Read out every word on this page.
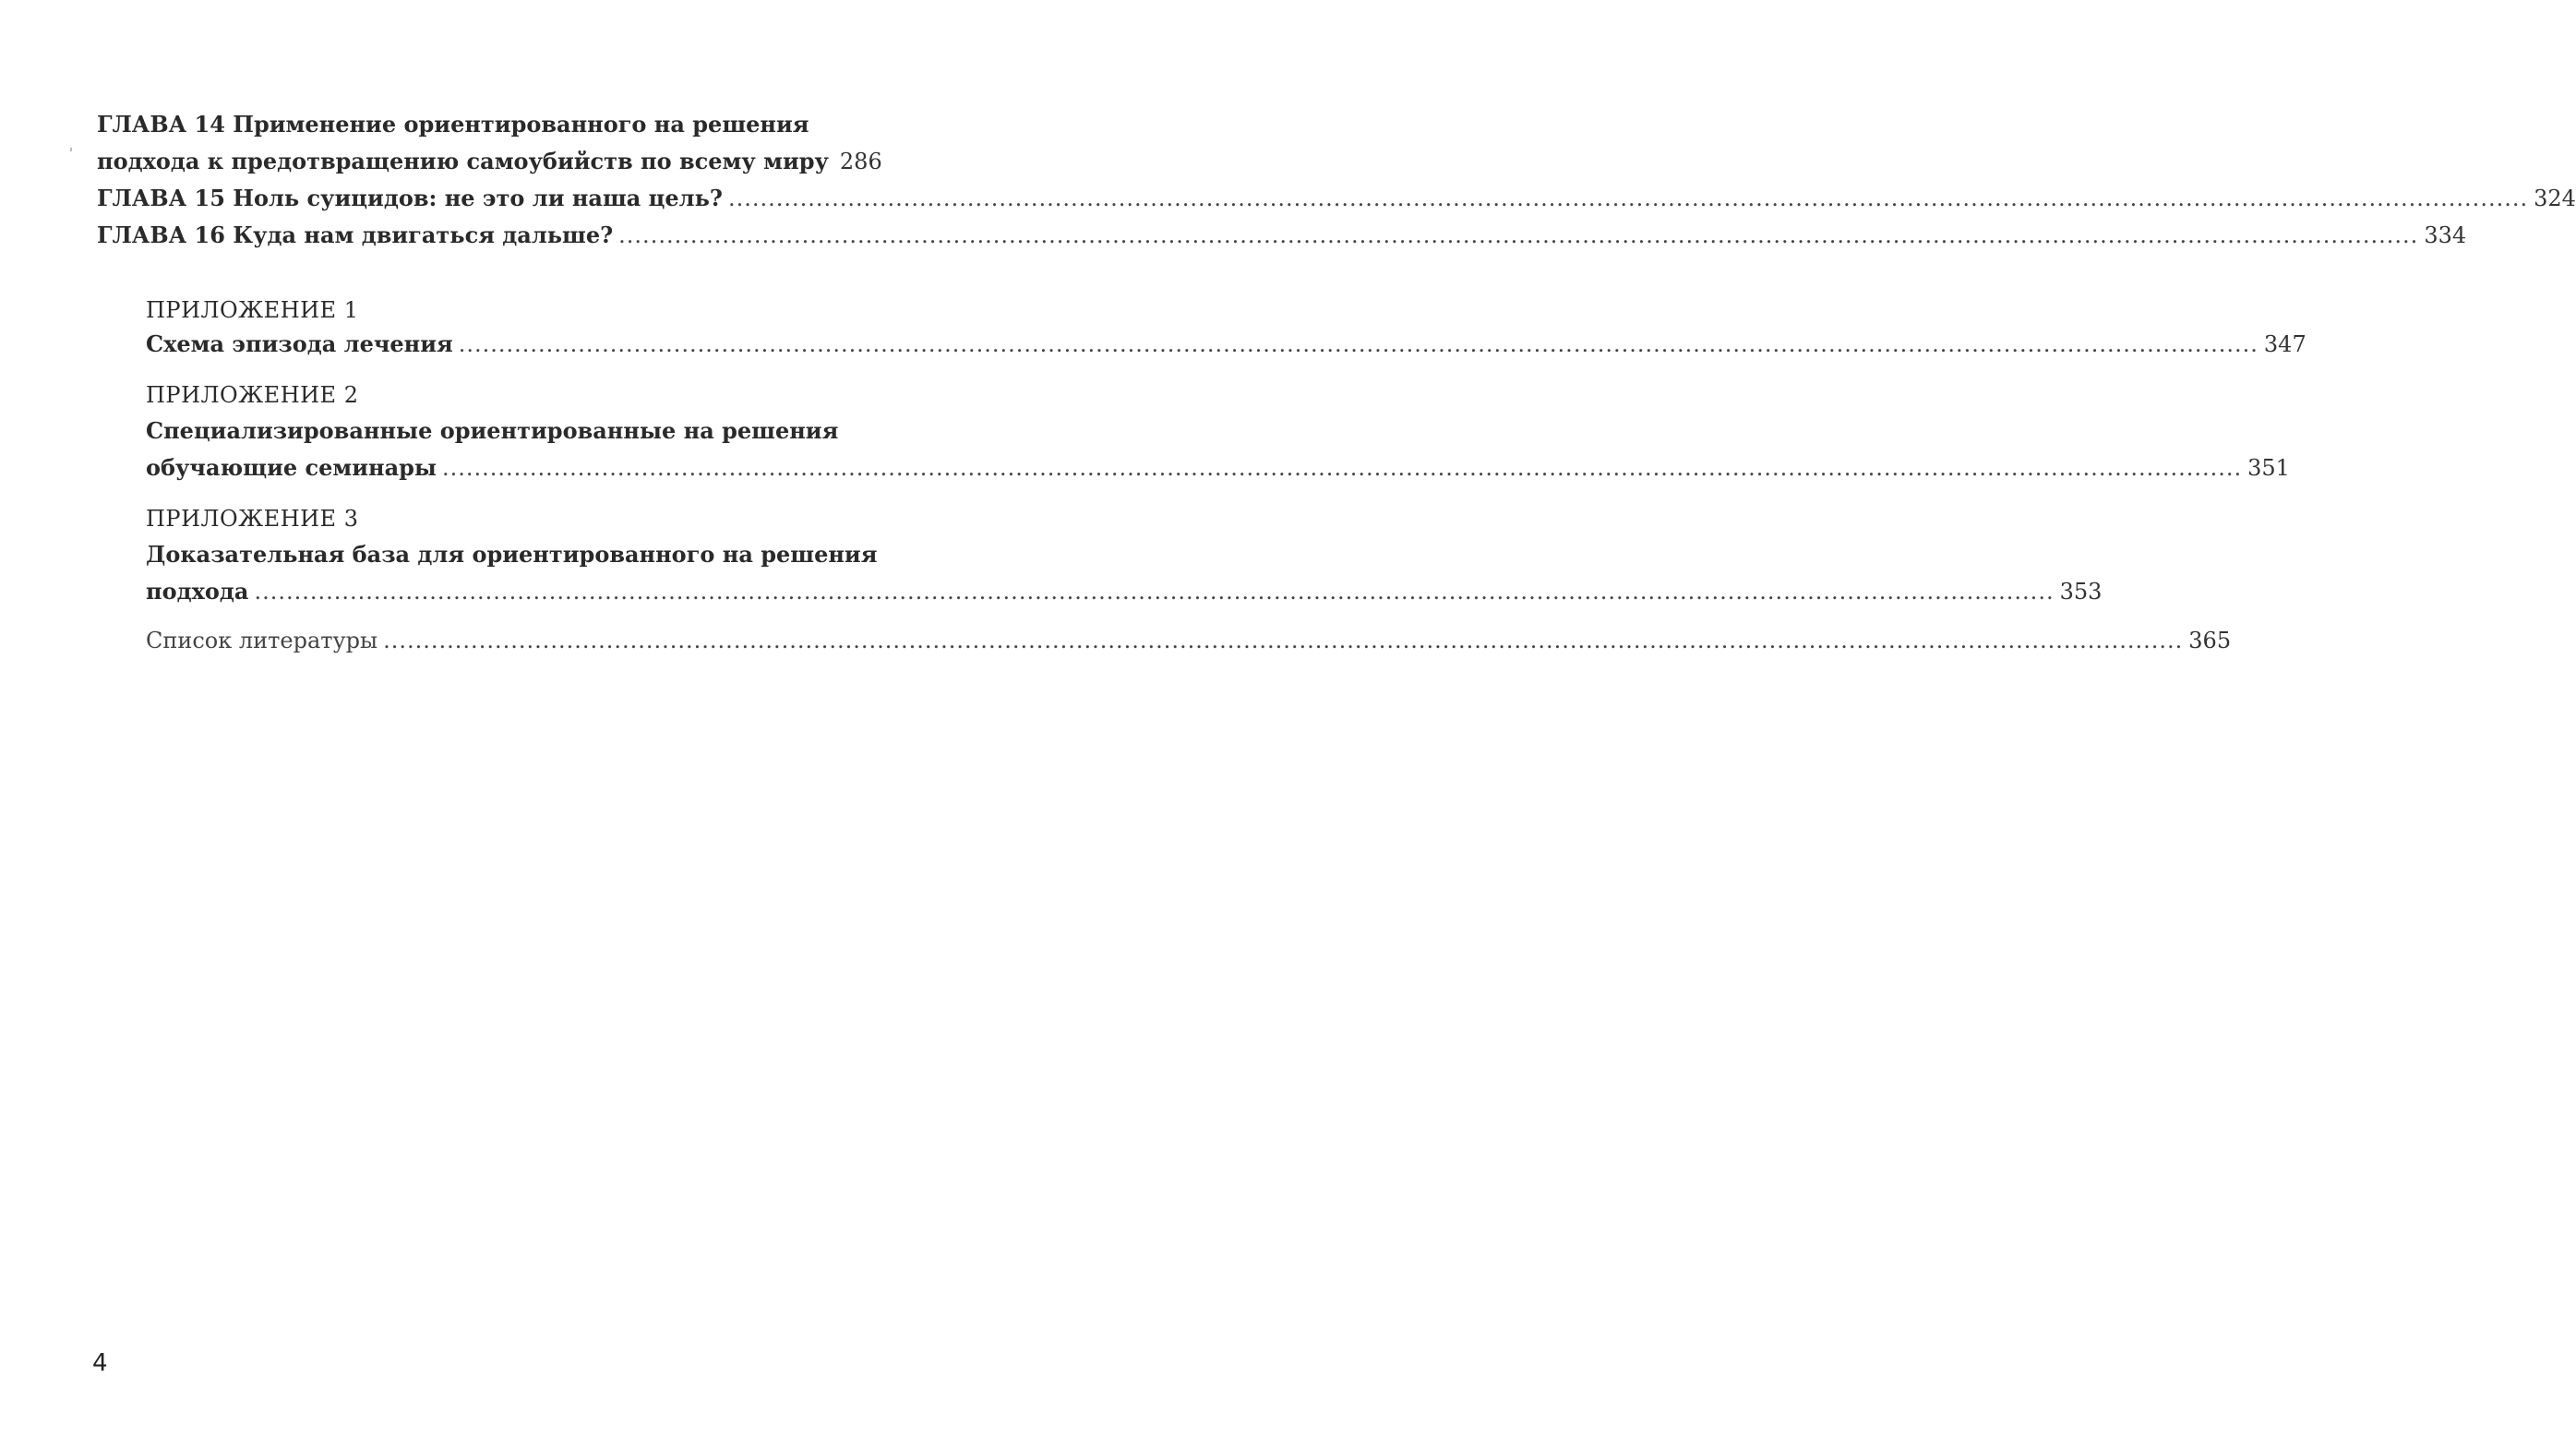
ГЛАВА 14 Применение ориентированного на решения
подхода к предотвращению самоубийств по всему миру 286
ГЛАВА 15 Ноль суицидов: не это ли наша цель? .....	324
ГЛАВА 16 Куда нам двигаться дальше? .....	334
ПРИЛОЖЕНИЕ 1
Схема эпизода лечения .....	347
ПРИЛОЖЕНИЕ 2
Специализированные ориентированные на решения
обучающие семинары .....	351
ПРИЛОЖЕНИЕ 3
Доказательная база для ориентированного на решения
подхода .....	353
Список литературы .....	365
4
